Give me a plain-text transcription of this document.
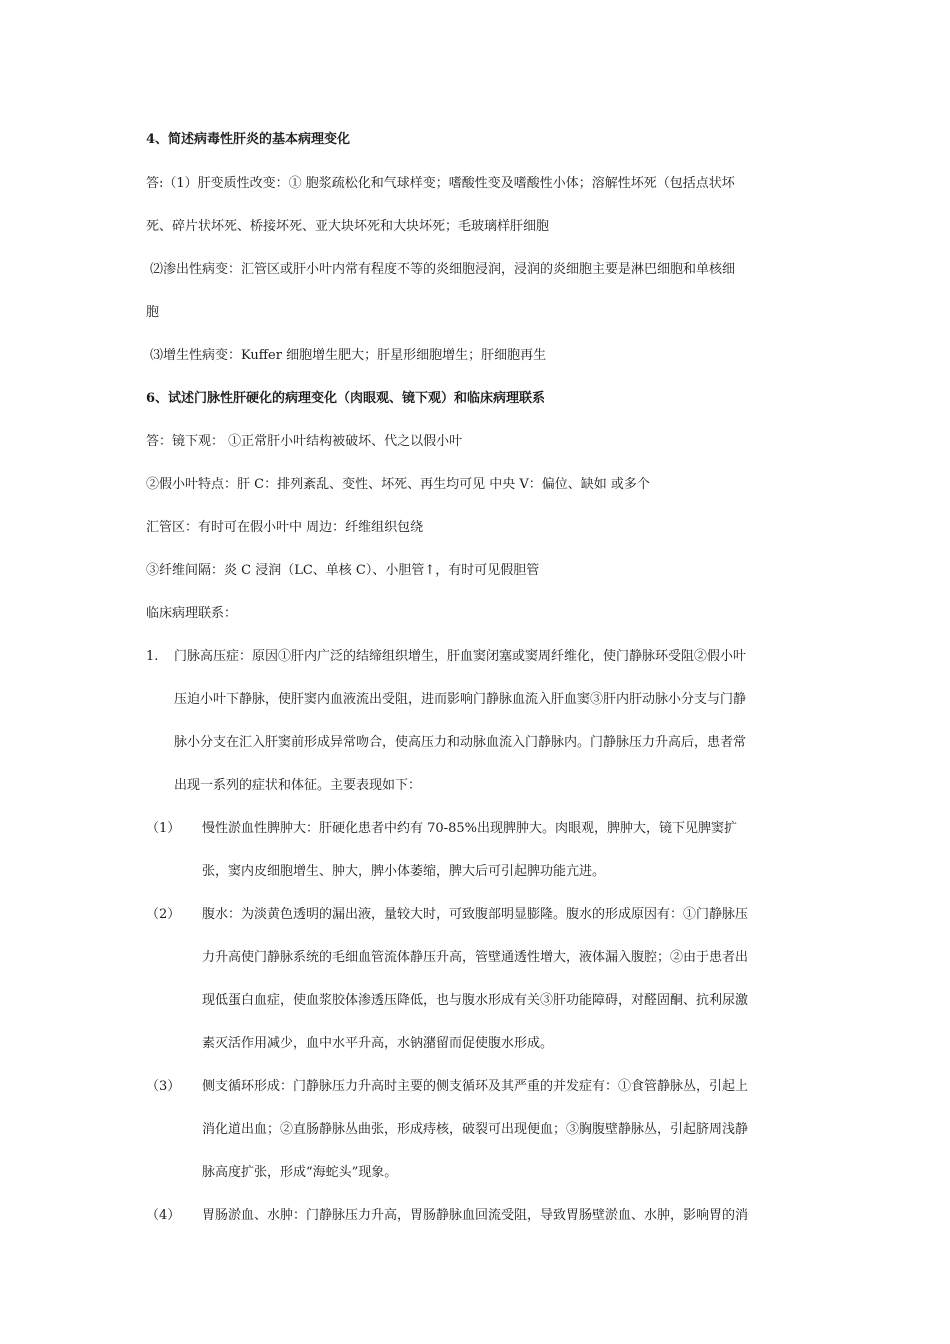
4、简述病毒性肝炎的基本病理变化
答:（1）肝变质性改变：① 胞浆疏松化和气球样变；嗜酸性变及嗜酸性小体；溶解性坏死（包括点状坏
死、碎片状坏死、桥接坏死、亚大块坏死和大块坏死；毛玻璃样肝细胞
⑵渗出性病变：汇管区或肝小叶内常有程度不等的炎细胞浸润，浸润的炎细胞主要是淋巴细胞和单核细
胞
⑶增生性病变：Kuffer 细胞增生肥大；肝星形细胞增生；肝细胞再生
6、试述门脉性肝硬化的病理变化（肉眼观、镜下观）和临床病理联系
答：镜下观： ①正常肝小叶结构被破坏、代之以假小叶
②假小叶特点：肝 C：排列紊乱、变性、坏死、再生均可见 中央 V：偏位、缺如 或多个
汇管区：有时可在假小叶中 周边：纤维组织包绕
③纤维间隔：炎 C 浸润（LC、单核 C）、小胆管↑，有时可见假胆管
临床病理联系：
1. 门脉高压症：原因①肝内广泛的结缔组织增生，肝血窦闭塞或窦周纤维化，使门静脉环受阻②假小叶
压迫小叶下静脉，使肝窦内血液流出受阻，进而影响门静脉血流入肝血窦③肝内肝动脉小分支与门静
脉小分支在汇入肝窦前形成异常吻合，使高压力和动脉血流入门静脉内。门静脉压力升高后，患者常
出现一系列的症状和体征。主要表现如下：
（1） 慢性淤血性脾肿大：肝硬化患者中约有 70-85%出现脾肿大。肉眼观，脾肿大，镜下见脾窦扩
张，窦内皮细胞增生、肿大，脾小体萎缩，脾大后可引起脾功能亢进。
（2） 腹水：为淡黄色透明的漏出液，量较大时，可致腹部明显膨隆。腹水的形成原因有：①门静脉压
力升高使门静脉系统的毛细血管流体静压升高，管壁通透性增大，液体漏入腹腔；②由于患者出
现低蛋白血症，使血浆胶体渗透压降低，也与腹水形成有关③肝功能障碍，对醛固酮、抗利尿激
素灭活作用减少，血中水平升高，水钠潴留而促使腹水形成。
（3） 侧支循环形成：门静脉压力升高时主要的侧支循环及其严重的并发症有：①食管静脉丛，引起上
消化道出血；②直肠静脉丛曲张，形成痔核，破裂可出现便血；③胸腹壁静脉丛，引起脐周浅静
脉高度扩张，形成“海蛇头”现象。
（4） 胃肠淤血、水肿：门静脉压力升高，胃肠静脉血回流受阻，导致胃肠壁淤血、水肿，影响胃的消
